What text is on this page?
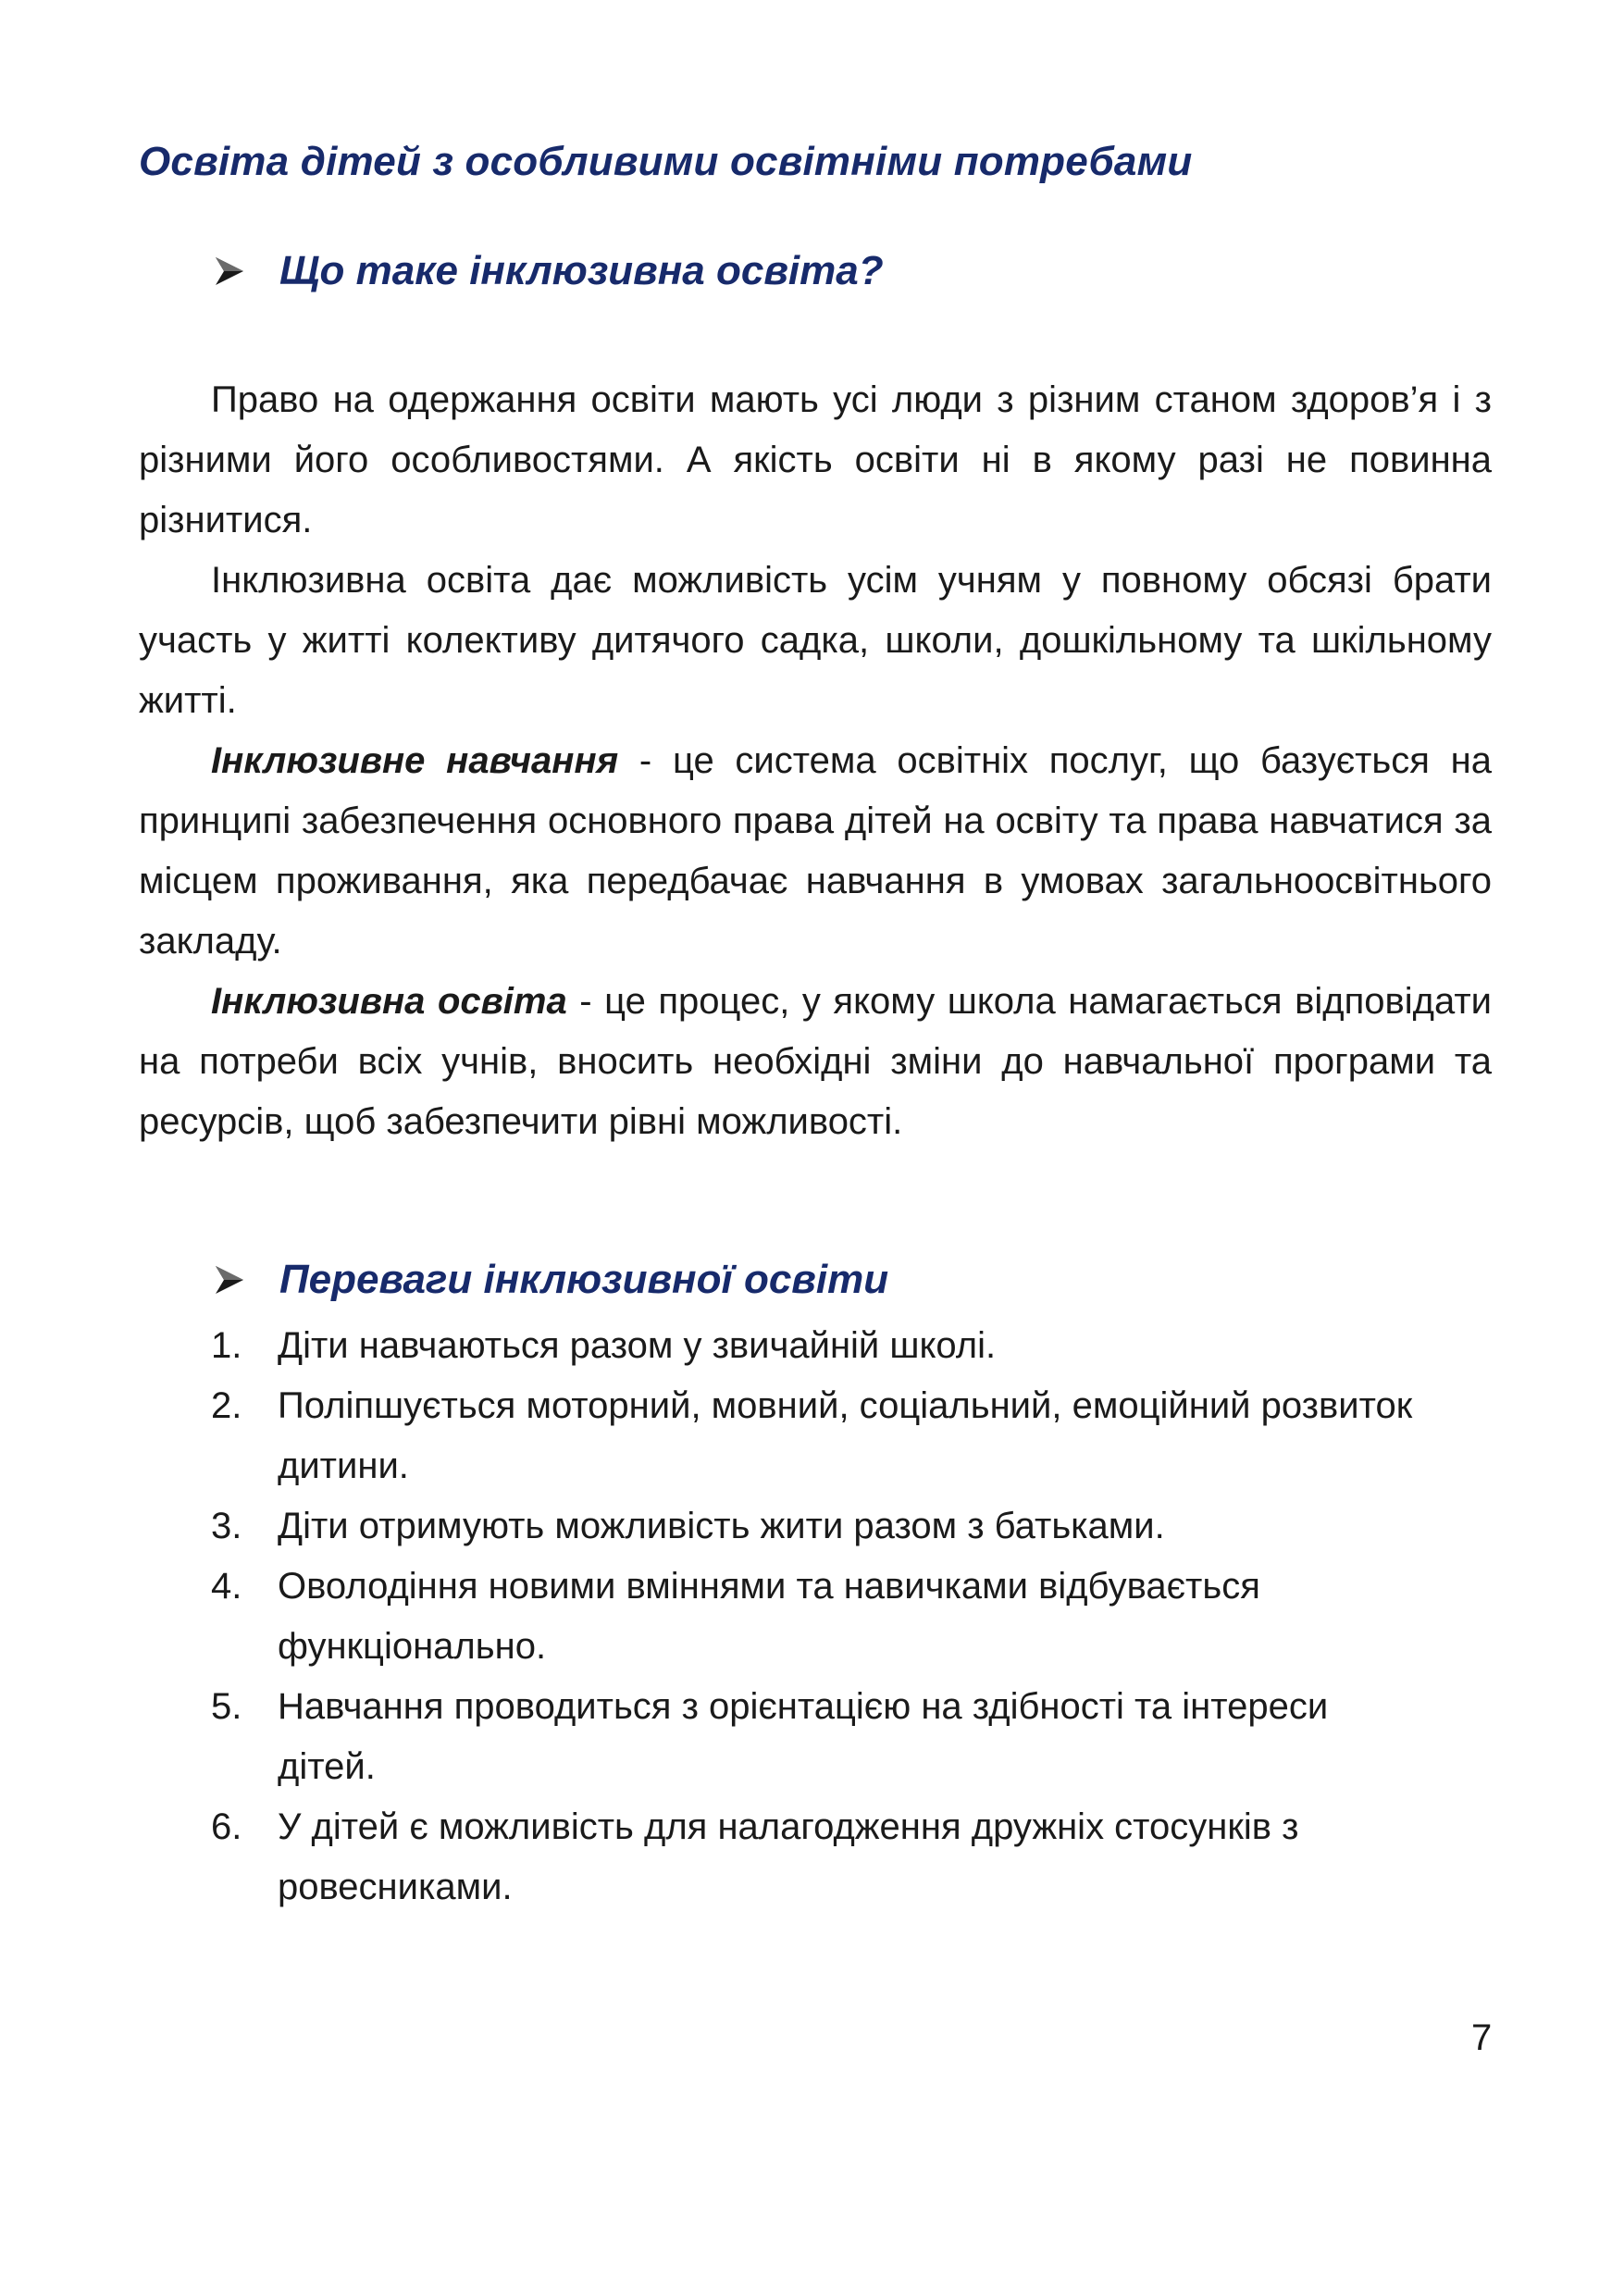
Освіта дітей з особливими освітніми потребами
Що таке інклюзивна освіта?

Право на одержання освіти мають усі люди з різним станом здоров’я і з різними його особливостями. А якість освіти ні в якому разі не повинна різнитися.

Інклюзивна освіта дає можливість усім учням у повному обсязі брати участь у житті колективу дитячого садка, школи, дошкільному та шкільному житті.

Інклюзивне навчання - це система освітніх послуг, що базується на принципі забезпечення основного права дітей на освіту та права навчатися за місцем проживання, яка передбачає навчання в умовах загальноосвітнього закладу.

Інклюзивна освіта - це процес, у якому школа намагається відповідати на потреби всіх учнів, вносить необхідні зміни до навчальної програми та ресурсів, щоб забезпечити рівні можливості.

Переваги інклюзивної освіти
1. Діти навчаються разом у звичайній школі.
2. Поліпшується моторний, мовний, соціальний, емоційний розвиток дитини.
3. Діти отримують можливість жити разом з батьками.
4. Оволодіння новими вміннями та навичками відбувається функціонально.
5. Навчання проводиться з орієнтацією на здібності та інтереси дітей.
6. У дітей є можливість для налагодження дружніх стосунків з ровесниками.
7
